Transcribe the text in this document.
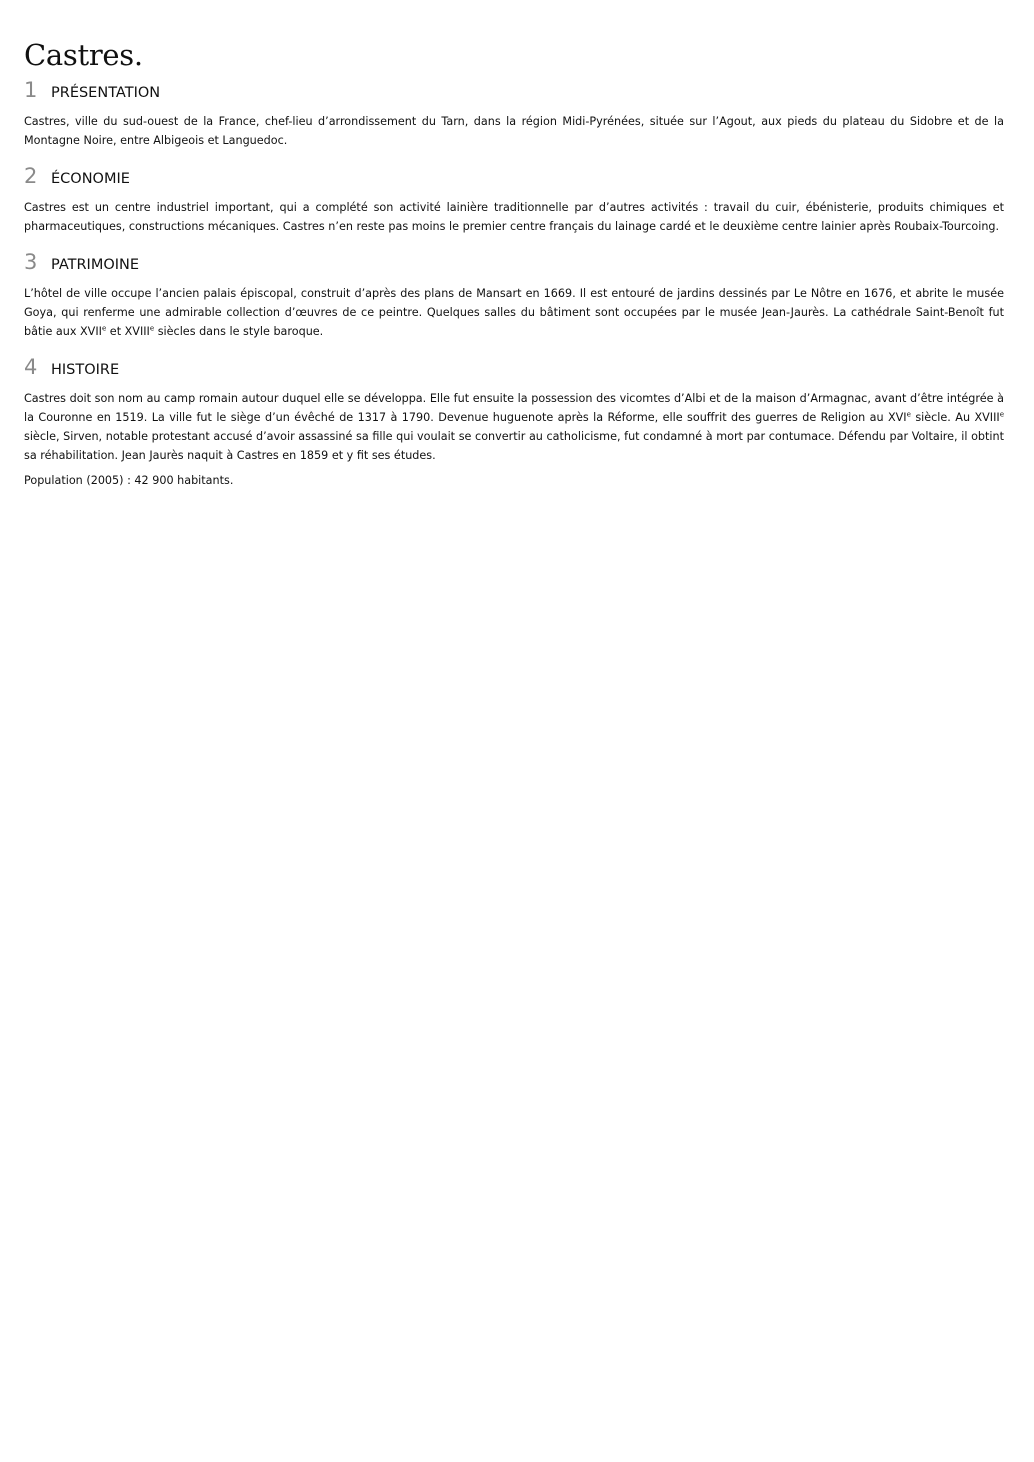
Castres.
1 PRÉSENTATION

Castres, ville du sud-ouest de la France, chef-lieu d’arrondissement du Tarn, dans la région Midi-Pyrénées, située sur l’Agout, aux pieds du plateau du Sidobre et de la Montagne Noire, entre Albigeois et Languedoc.

2 ÉCONOMIE

Castres est un centre industriel important, qui a complété son activité lainière traditionnelle par d’autres activités : travail du cuir, ébénisterie, produits chimiques et pharmaceutiques, constructions mécaniques. Castres n’en reste pas moins le premier centre français du lainage cardé et le deuxième centre lainier après Roubaix-Tourcoing.

3 PATRIMOINE

L’hôtel de ville occupe l’ancien palais épiscopal, construit d’après des plans de Mansart en 1669. Il est entouré de jardins dessinés par Le Nôtre en 1676, et abrite le musée Goya, qui renferme une admirable collection d’œuvres de ce peintre. Quelques salles du bâtiment sont occupées par le musée Jean-Jaurès. La cathédrale Saint-Benoît fut bâtie aux XVIIe et XVIIIe siècles dans le style baroque.

4 HISTOIRE

Castres doit son nom au camp romain autour duquel elle se développa. Elle fut ensuite la possession des vicomtes d’Albi et de la maison d’Armagnac, avant d’être intégrée à la Couronne en 1519. La ville fut le siège d’un évêché de 1317 à 1790. Devenue huguenote après la Réforme, elle souffrit des guerres de Religion au XVIe siècle. Au XVIIIe siècle, Sirven, notable protestant accusé d’avoir assassiné sa fille qui voulait se convertir au catholicisme, fut condamné à mort par contumace. Défendu par Voltaire, il obtint sa réhabilitation. Jean Jaurès naquit à Castres en 1859 et y fit ses études.

Population (2005) : 42 900 habitants.
